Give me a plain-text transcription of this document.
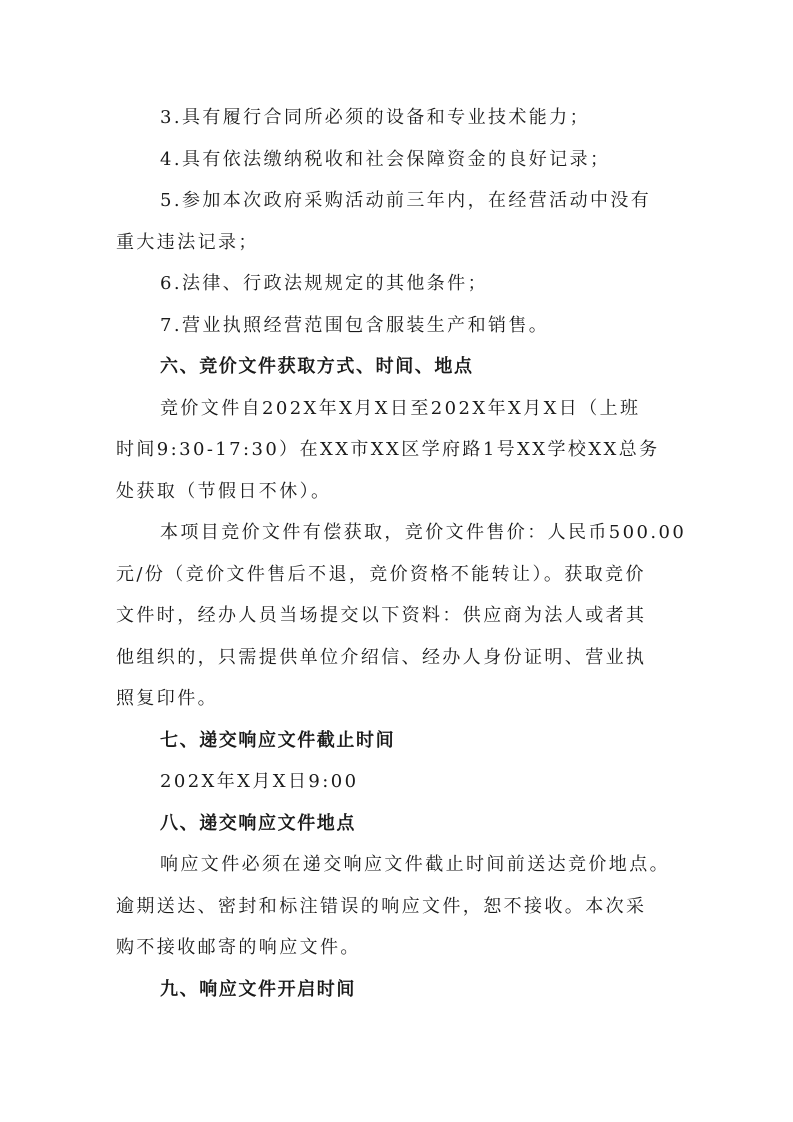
3.具有履行合同所必须的设备和专业技术能力；
4.具有依法缴纳税收和社会保障资金的良好记录；
5.参加本次政府采购活动前三年内，在经营活动中没有
重大违法记录；
6.法律、行政法规规定的其他条件；
7.营业执照经营范围包含服装生产和销售。
六、竞价文件获取方式、时间、地点
竞价文件自202X年X月X日至202X年X月X日（上班
时间9:30-17:30）在XX市XX区学府路1号XX学校XX总务
处获取（节假日不休）。
本项目竞价文件有偿获取，竞价文件售价：人民币500.00
元/份（竞价文件售后不退，竞价资格不能转让）。获取竞价
文件时，经办人员当场提交以下资料：供应商为法人或者其
他组织的，只需提供单位介绍信、经办人身份证明、营业执
照复印件。
七、递交响应文件截止时间
202X年X月X日9:00
八、递交响应文件地点
响应文件必须在递交响应文件截止时间前送达竞价地点。
逾期送达、密封和标注错误的响应文件，恕不接收。本次采
购不接收邮寄的响应文件。
九、响应文件开启时间
